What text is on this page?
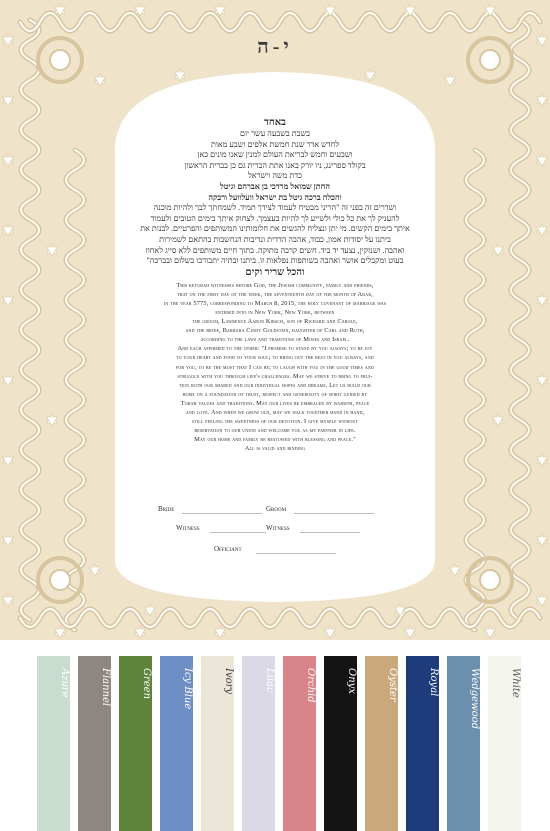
י-ה

באחד

בשבת בשבעה עשר יום

לחדש אדר שנת חמשת אלפים ושבע מאות

ושבעים וחמש לבריאת העולם למנין שאנו מונים כאן

בקולד ספרינג, ניו יורק באנו אתת הברית גם כן בברית הראשון

כדת משה וישראל

החתן שמואל מרדכי בן אברהם וגיטל

והכלה ברכה גיטל בת ישראל וועלוועל ורבקה

ושדרים זה בפני זה "הריני מבטיח לעמוד לצידך תמיד. לשמחתך לבך ולהיות מוכנה

להעניק לך את כל כולי ולשייע לך להיות בעצמך. לצחוק איתך בימים הטובים ולעמוד

איתך בימים הקשים. מי יתן ונצליח להגשים את חלומותינו המשותפים והפרטיים. לבנות את

ביתנו על יסודות אמון, כבוד, אהבה הדדית ונדיבות הנחשבות בהתאם לשמירות

ואהבה. ושנזקין, נצעד יד ביד. חשים קרבה מתוקה. בתוך חיים משותפים ללא סייג לאחוז

בעוט ומקבלים אושר ואהבה בשותפות נפלאות זו. ביתנו ובתיה יתבורכו בשלום ובברכה"

והכל שריר וקים

This ketubah witnesses before God, the Jewish community, family and friends,

that on the first day of the week, the seventeenth day of the month of Adar,

in the year 5775, corresponding to March 8, 2015, the holy covenant of marriage was

entered into in New York, New York, between

the groom, Lawrence Aaron Kirsch, son of Richard and Carole,

and the bride, Barbara Cindy Goldstein, daughter of Carl and Ruth,

according to the laws and traditions of Moses and Israel.

And each affirmed to the other: "I promise to stand by you always; to be joy

to your heart and food to your soul; to bring out the best in you always, and

for you, to be the most that I can be; to laugh with you in the good times and

struggle with you through life's challenges. May we strive to bring to frui-

tion both our shared and our individual hopes and dreams. Let us build our

home on a foundation of trust, respect and generosity of spirit guided by

Torah values and traditions. May our lives be embraced by warmth, peace

and love. And when we grow old, may we walk together hand in hand,

still feeling the sweetness of our devotion. I give myself without

reservation to our union and welcome you as my partner in life.

May our home and family be restowed with blessing and peace."

All is valid and binding

Bride	Groom
Witness	Witness
Officiant
Azure	Flannel	Green	Icy Blue	Ivory	Lilac	Orchid	Onyx	Oyster	Royal	Wedgewood	White
